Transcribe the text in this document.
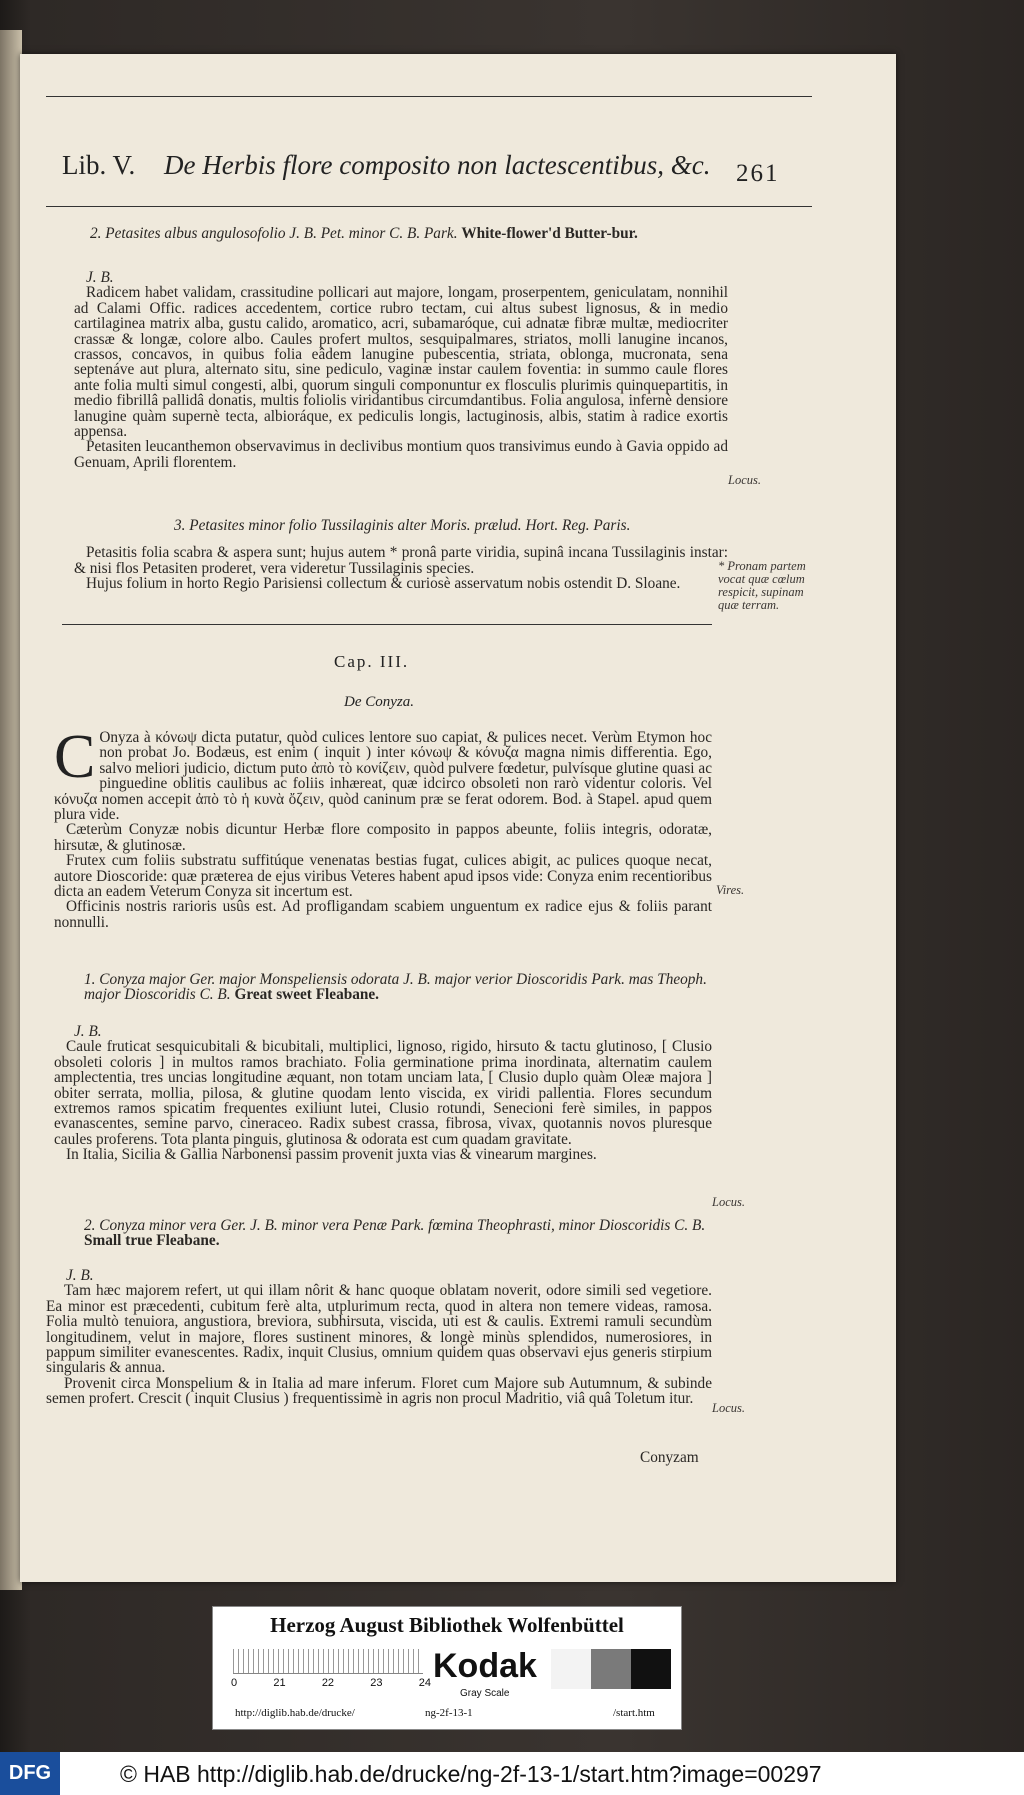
Lib. V. De Herbis flore composito non lactescentibus, &c. 261

2. Petasites albus angulosofolio J. B. Pet. minor C. B. Park. White-flower'd Butter-bur.

J. B.

Radicem habet validam, crassitudine pollicari aut majore, longam, proserpentem, geniculatam, nonnihil ad Calami Offic. radices accedentem, cortice rubro tectam, cui altus subest lignosus, & in medio cartilaginea matrix alba, gustu calido, aromatico, acri, subamaróque, cui adnatæ fibræ multæ, mediocriter crassæ & longæ, colore albo. Caules profert multos, sesquipalmares, striatos, molli lanugine incanos, crassos, concavos, in quibus folia eâdem lanugine pubescentia, striata, oblonga, mucronata, sena septenáve aut plura, alternato situ, sine pediculo, vaginæ instar caulem foventia: in summo caule flores ante folia multi simul congesti, albi, quorum singuli componuntur ex flosculis plurimis quinquepartitis, in medio fibrillâ pallidâ donatis, multis foliolis viridantibus circumdantibus. Folia angulosa, infernè densiore lanugine quàm supernè tecta, albioráque, ex pediculis longis, lactuginosis, albis, statim à radice exortis appensa.

Petasiten leucanthemon observavimus in declivibus montium quos transivimus eundo à Gavia oppido ad Genuam, Aprili florentem.

Locus.

3. Petasites minor folio Tussilaginis alter Moris. prælud. Hort. Reg. Paris.

Petasitis folia scabra & aspera sunt; hujus autem * pronâ parte viridia, supinâ incana Tussilaginis instar: & nisi flos Petasiten proderet, vera videretur Tussilaginis species.

Hujus folium in horto Regio Parisiensi collectum & curiosè asservatum nobis ostendit D. Sloane.

* Pronam partem vocat quæ cœlum respicit, supinam quæ terram.
Cap. III.
De Conyza.

C Onyza à κόνωψ dicta putatur, quòd culices lentore suo capiat, & pulices necet. Verùm Etymon hoc non probat Jo. Bodæus, est enim ( inquit ) inter κόνωψ & κόνυζα magna nimis differentia. Ego, salvo meliori judicio, dictum puto ἀπὸ τὸ κονίζειν, quòd pulvere fœdetur, pulvísque glutine quasi ac pinguedine oblitis caulibus ac foliis inhæreat, quæ idcirco obsoleti non rarò videntur coloris. Vel κόνυζα nomen accepit ἀπὸ τὸ ἡ κυνὰ ὄζειν, quòd caninum præ se ferat odorem. Bod. à Stapel. apud quem plura vide.

Cæterùm Conyzæ nobis dicuntur Herbæ flore composito in pappos abeunte, foliis integris, odoratæ, hirsutæ, & glutinosæ.

Frutex cum foliis substratu suffitúque venenatas bestias fugat, culices abigit, ac pulices quoque necat, autore Dioscoride: quæ præterea de ejus viribus Veteres habent apud ipsos vide: Conyza enim recentioribus dicta an eadem Veterum Conyza sit incertum est.

Officinis nostris rarioris usûs est. Ad profligandam scabiem unguentum ex radice ejus & foliis parant nonnulli.

Vires.

1. Conyza major Ger. major Monspeliensis odorata J. B. major verior Dioscoridis Park. mas Theoph. major Dioscoridis C. B. Great sweet Fleabane.

J. B.

Caule fruticat sesquicubitali & bicubitali, multiplici, lignoso, rigido, hirsuto & tactu glutinoso, [ Clusio obsoleti coloris ] in multos ramos brachiato. Folia germinatione prima inordinata, alternatim caulem amplectentia, tres uncias longitudine æquant, non totam unciam lata, [ Clusio duplo quàm Oleæ majora ] obiter serrata, mollia, pilosa, & glutine quodam lento viscida, ex viridi pallentia. Flores secundum extremos ramos spicatim frequentes exiliunt lutei, Clusio rotundi, Senecioni ferè similes, in pappos evanascentes, semine parvo, cineraceo. Radix subest crassa, fibrosa, vivax, quotannis novos pluresque caules proferens. Tota planta pinguis, glutinosa & odorata est cum quadam gravitate.

In Italia, Sicilia & Gallia Narbonensi passim provenit juxta vias & vinearum margines.

Locus.

2. Conyza minor vera Ger. J. B. minor vera Penæ Park. fœmina Theophrasti, minor Dioscoridis C. B. Small true Fleabane.

J. B.

Tam hæc majorem refert, ut qui illam nôrit & hanc quoque oblatam noverit, odore simili sed vegetiore. Ea minor est præcedenti, cubitum ferè alta, utplurimum recta, quod in altera non temere videas, ramosa. Folia multò tenuiora, angustiora, breviora, subhirsuta, viscida, uti est & caulis. Extremi ramuli secundùm longitudinem, velut in majore, flores sustinent minores, & longè minùs splendidos, numerosiores, in pappum similiter evanescentes. Radix, inquit Clusius, omnium quidem quas observavi ejus generis stirpium singularis & annua.

Provenit circa Monspelium & in Italia ad mare inferum. Floret cum Majore sub Autumnum, & subinde semen profert. Crescit ( inquit Clusius ) frequentissimè in agris non procul Madritio, viâ quâ Toletum itur.

Locus.
Conyzam
Herzog August Bibliothek Wolfenbüttel
0	21	22	23	24 Kodak
Gray Scale
http://diglib.hab.de/drucke/	ng-2f-13-1	/start.htm
DFG	© HAB http://diglib.hab.de/drucke/ng-2f-13-1/start.htm?image=00297
